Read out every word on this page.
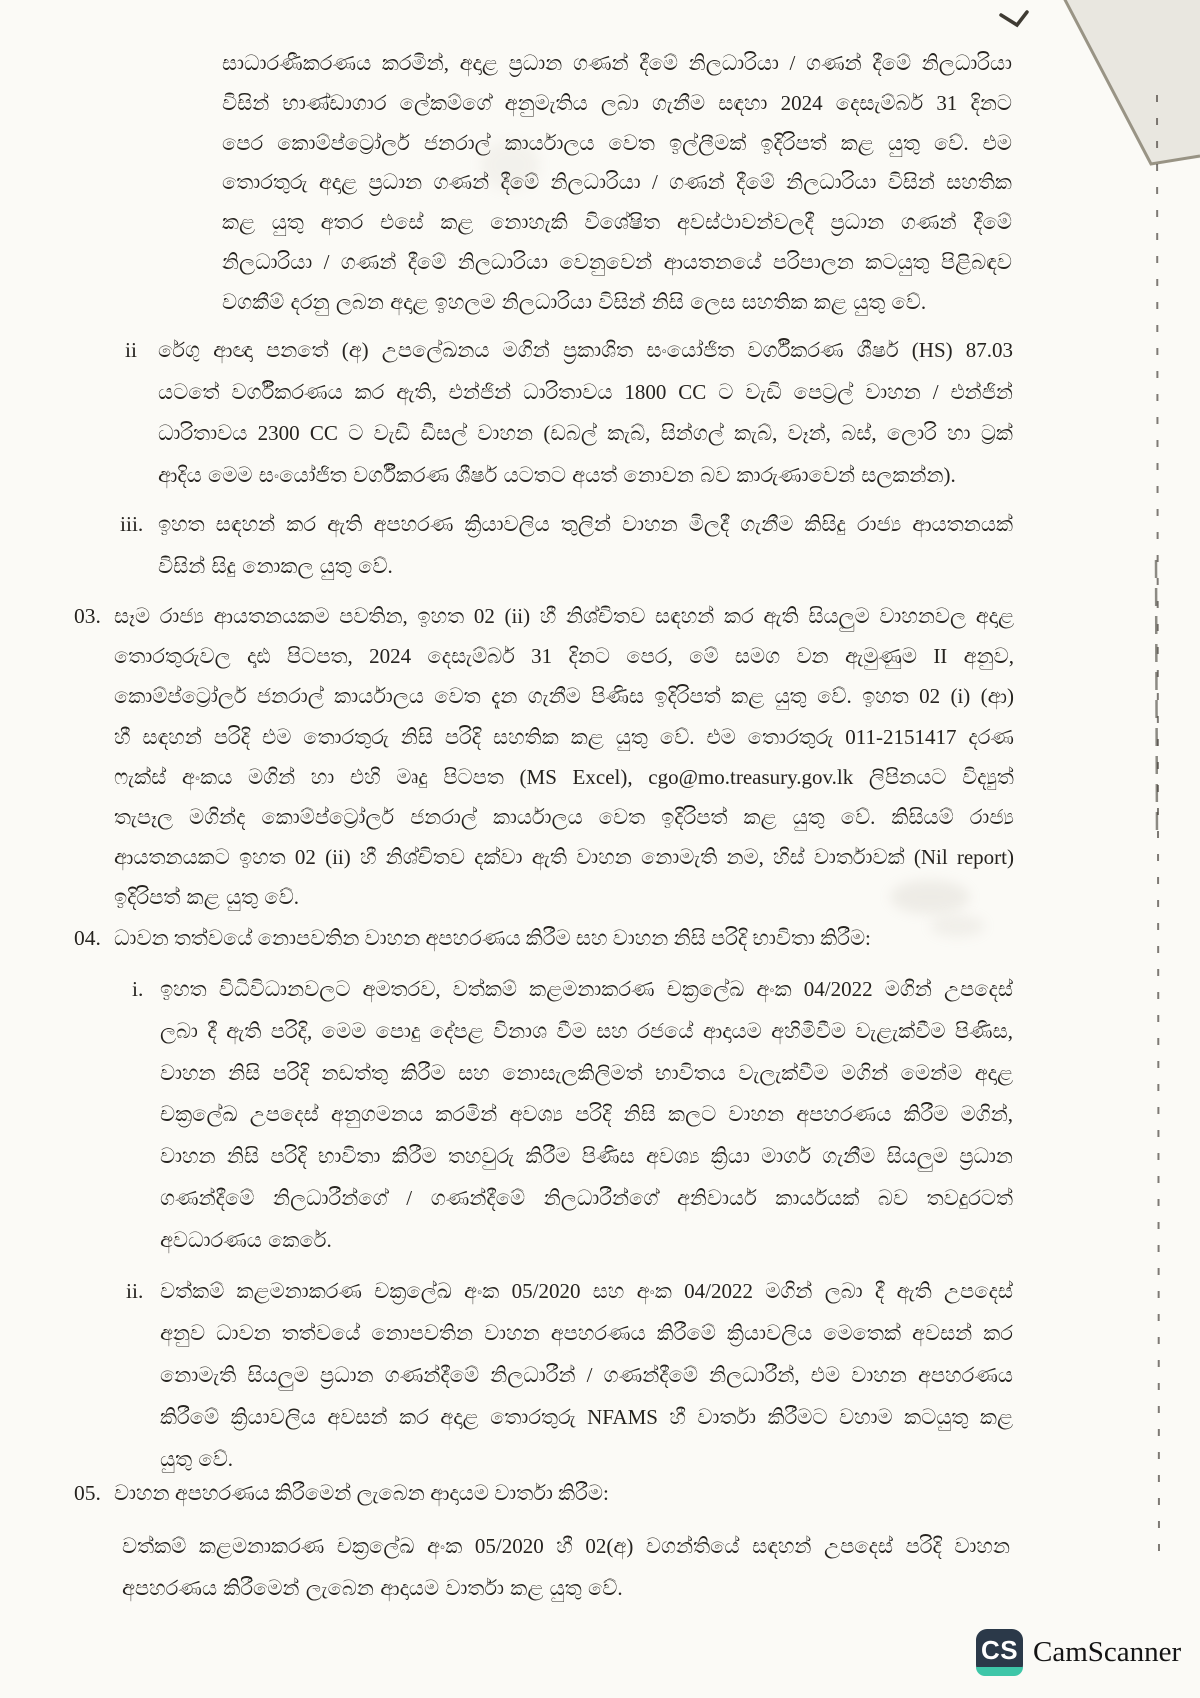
සාධාරණීකරණය කරමින්, අදාළ ප්‍රධාන ගණන් දීමේ නිලධාරියා / ගණන් දීමේ නිලධාරියා
විසින් භාණ්ඩාගාර ලේකම්ගේ අනුමැතිය ලබා ගැනීම සඳහා 2024 දෙසැම්බර් 31 දිනට
පෙර කොම්ප්ට්‍රෝලර් ජනරාල් කාර්යාලය වෙත ඉල්ලීමක් ඉදිරිපත් කළ යුතු වේ. එම
තොරතුරු අදාළ ප්‍රධාන ගණන් දීමේ නිලධාරියා / ගණන් දීමේ නිලධාරියා විසින් සහතික
කළ යුතු අතර එසේ කළ නොහැකි විශේෂිත අවස්ථාවන්වලදී ප්‍රධාන ගණන් දීමේ
නිලධාරියා / ගණන් දීමේ නිලධාරියා වෙනුවෙන් ආයතනයේ පරිපාලන කටයුතු පිළිබඳව
වගකීම් දරනු ලබන අදාළ ඉහලම නිලධාරියා විසින් නිසි ලෙස සහතික කළ යුතු වේ.
ii රේගු ආඥා පනතේ (අ) උපලේඛනය මගින් ප්‍රකාශිත සංයෝජිත වර්ගීකරණ ශීර්ෂ (HS) 87.03
යටතේ වර්ගීකරණය කර ඇති, එන්ජින් ධාරිතාවය 1800 CC ට වැඩි පෙට්‍රල් වාහන / එන්ජින්
ධාරිතාවය 2300 CC ට වැඩි ඩීසල් වාහන (ඩබල් කැබ්, සින්ගල් කැබ්, වෑන්, බස්, ලොරි හා ට්‍රක්
ආදිය මෙම සංයෝජිත වර්ගීකරණ ශීර්ෂ යටතට අයත් නොවන බව කාරුණාවෙන් සලකන්න).
iii. ඉහත සඳහන් කර ඇති අපහරණ ක්‍රියාවලිය තුලින් වාහන මිලදී ගැනීම කිසිදු රාජ්‍ය ආයතනයක්
විසින් සිදු නොකල යුතු වේ.
03. සෑම රාජ්‍ය ආයතනයකම පවතින, ඉහත 02 (ii) හී නිශ්චිතව සඳහන් කර ඇති සියලුම වාහනවල අදාළ
තොරතුරුවල දෘඪ පිටපත, 2024 දෙසැම්බර් 31 දිනට පෙර, මේ සමග වන ඇමුණුම II අනුව,
කොම්ප්ට්‍රෝලර් ජනරාල් කාර්යාලය වෙත දැන ගැනීම පිණිස ඉදිරිපත් කළ යුතු වේ. ඉහත 02 (i) (ආ)
හී සඳහන් පරිදි එම තොරතුරු නිසි පරිදි සහතික කළ යුතු වේ. එම තොරතුරු 011-2151417 දරණ
ෆැක්ස් අංකය මගින් හා එහි මෘදු පිටපත (MS Excel), cgo@mo.treasury.gov.lk ලිපිනයට විද්‍යුත්
තැපෑල මගින්ද කොම්ප්ට්‍රෝලර් ජනරාල් කාර්යාලය වෙත ඉදිරිපත් කළ යුතු වේ. කිසියම් රාජ්‍ය
ආයතනයකට ඉහත 02 (ii) හී නිශ්චිතව දක්වා ඇති වාහන නොමැති නම, හිස් වාර්තාවක් (Nil report)
ඉදිරිපත් කළ යුතු වේ.
04. ධාවන තත්වයේ නොපවතින වාහන අපහරණය කිරීම සහ වාහන නිසි පරිදි භාවිතා කිරීම:
i. ඉහත විධිවිධානවලට අමතරව, වත්කම් කළමනාකරණ චක්‍රලේඛ අංක 04/2022 මගින් උපදෙස්
ලබා දී ඇති පරිදි, මෙම පොදු දේපළ විනාශ වීම සහ රජයේ ආදායම අහිමිවීම වැළැක්වීම පිණිස,
වාහන නිසි පරිදි නඩත්තු කිරීම සහ නොසැලකිලිමත් භාවිතය වැලැක්වීම මගින් මෙන්ම අදාළ
චක්‍රලේඛ උපදෙස් අනුගමනය කරමින් අවශ්‍ය පරිදි නිසි කලට වාහන අපහරණය කිරීම මගින්,
වාහන නිසි පරිදි භාවිතා කිරීම තහවුරු කිරීම පිණිස අවශ්‍ය ක්‍රියා මාර්ග ගැනීම සියලුම ප්‍රධාන
ගණන්දීමේ නිලධාරීන්ගේ / ගණන්දීමේ නිලධාරීන්ගේ අනිවාර්ය කාර්යයක් බව තවදුරටත්
අවධාරණය කෙරේ.
ii. වත්කම් කළමනාකරණ චක්‍රලේඛ අංක 05/2020 සහ අංක 04/2022 මගින් ලබා දී ඇති උපදෙස්
අනුව ධාවන තත්වයේ නොපවතින වාහන අපහරණය කිරීමේ ක්‍රියාවලිය මෙතෙක් අවසන් කර
නොමැති සියලුම ප්‍රධාන ගණන්දීමේ නිලධාරීන් / ගණන්දීමේ නිලධාරීන්, එම වාහන අපහරණය
කිරීමේ ක්‍රියාවලිය අවසන් කර අදාළ තොරතුරු NFAMS හී වාර්තා කිරීමට වහාම කටයුතු කළ
යුතු වේ.
05. වාහන අපහරණය කිරීමෙන් ලැබෙන ආදායම වාර්තා කිරීම:
වත්කම් කළමනාකරණ චක්‍රලේඛ අංක 05/2020 හී 02(අ) වගන්තියේ සඳහන් උපදෙස් පරිදි වාහන
අපහරණය කිරීමෙන් ලැබෙන ආදායම වාර්තා කළ යුතු වේ.
CS CamScanner
